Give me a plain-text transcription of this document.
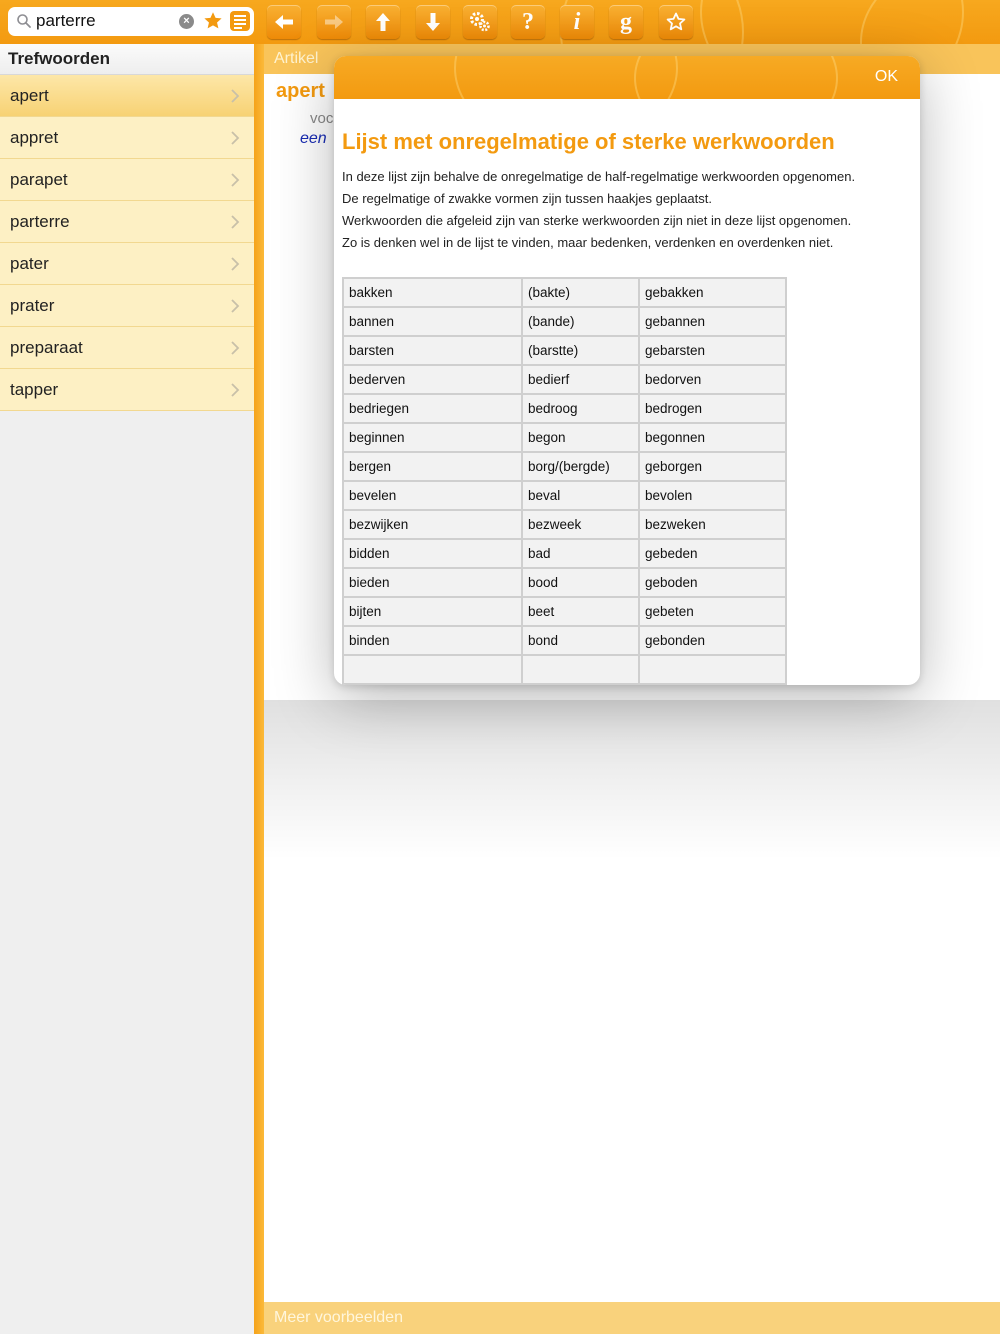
parterre	×	? i g
Trefwoorden
apert
appret
parapet
parterre
pater
prater
preparaat
tapper
Artikel
apert
voc
een
Meer voorbeelden
OK
Lijst met onregelmatige of sterke werkwoorden
In deze lijst zijn behalve de onregelmatige de half-regelmatige werkwoorden opgenomen.
De regelmatige of zwakke vormen zijn tussen haakjes geplaatst.
Werkwoorden die afgeleid zijn van sterke werkwoorden zijn niet in deze lijst opgenomen.
Zo is denken wel in de lijst te vinden, maar bedenken, verdenken en overdenken niet.
bakken	(bakte)	gebakken
bannen	(bande)	gebannen
barsten	(barstte)	gebarsten
bederven	bedierf	bedorven
bedriegen	bedroog	bedrogen
beginnen	begon	begonnen
bergen	borg/(bergde)	geborgen
bevelen	beval	bevolen
bezwijken	bezweek	bezweken
bidden	bad	gebeden
bieden	bood	geboden
bijten	beet	gebeten
binden	bond	gebonden
